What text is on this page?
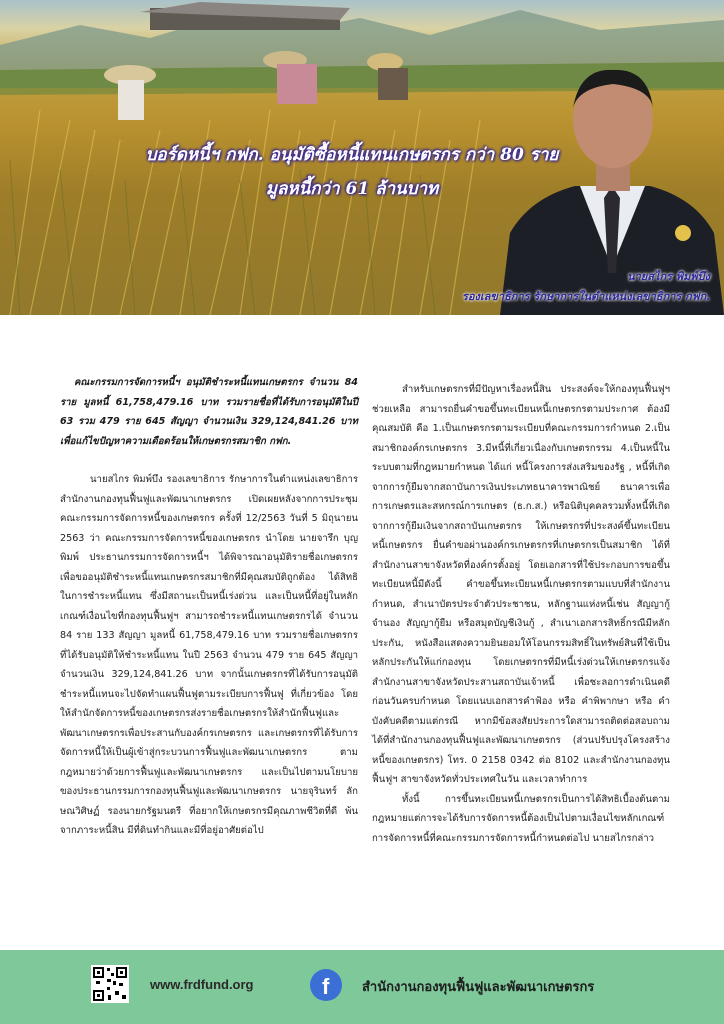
บอร์ดหนี้ฯ กฟก. อนุมัติซื้อหนี้แทนเกษตรกร กว่า 80 ราย
มูลหนี้กว่า 61 ล้านบาท
นายสไกร พิมพ์บึง
รองเลขาธิการ รักษาการในตำแหน่งเลขาธิการ กฟก.

คณะกรรมการจัดการหนี้ฯ อนุมัติชำระหนี้แทนเกษตรกร จำนวน 84 ราย มูลหนี้ 61,758,479.16 บาท รวมรายชื่อที่ได้รับการอนุมัติในปี 63 รวม 479 ราย 645 สัญญา จำนวนเงิน 329,124,841.26 บาท เพื่อแก้ไขปัญหาความเดือดร้อนให้เกษตรกรสมาชิก กฟก.

นายสไกร พิมพ์บึง รองเลขาธิการ รักษาการในตำแหน่งเลขาธิการ สำนักงานกองทุนฟื้นฟูและพัฒนาเกษตรกร เปิดเผยหลังจากการประชุมคณะกรรมการจัดการหนี้ของเกษตรกร ครั้งที่ 12/2563 วันที่ 5 มิถุนายน 2563 ว่า คณะกรรมการจัดการหนี้ของเกษตรกร นำโดย นายจารึก บุญพิมพ์ ประธานกรรมการจัดการหนี้ฯ ได้พิจารณาอนุมัติรายชื่อเกษตรกรเพื่อขออนุมัติชำระหนี้แทนเกษตรกรสมาชิกที่มีคุณสมบัติถูกต้อง ได้สิทธิในการชำระหนี้แทน ซึ่งมีสถานะเป็นหนี้เร่งด่วน และเป็นหนี้ที่อยู่ในหลักเกณฑ์เงื่อนไขที่กองทุนฟื้นฟูฯ สามารถชำระหนี้แทนเกษตรกรได้ จำนวน 84 ราย 133 สัญญา มูลหนี้ 61,758,479.16 บาท รวมรายชื่อเกษตรกรที่ได้รับอนุมัติให้ชำระหนี้แทน ในปี 2563 จำนวน 479 ราย 645 สัญญา จำนวนเงิน 329,124,841.26 บาท จากนั้นเกษตรกรที่ได้รับการอนุมัติชำระหนี้แทนจะไปจัดทำแผนฟื้นฟูตามระเบียบการฟื้นฟู ที่เกี่ยวข้อง โดยให้สำนักจัดการหนี้ของเกษตรกรส่งรายชื่อเกษตรกรให้สำนักฟื้นฟูและพัฒนาเกษตรกรเพื่อประสานกับองค์กรเกษตรกร และเกษตรกรที่ได้รับการจัดการหนี้ให้เป็นผู้เข้าสู่กระบวนการฟื้นฟูและพัฒนาเกษตรกร ตามกฎหมายว่าด้วยการฟื้นฟูและพัฒนาเกษตรกร และเป็นไปตามนโยบายของประธานกรรมการกองทุนฟื้นฟูและพัฒนาเกษตรกร นายจุรินทร์ ลักษณวิศิษฏ์ รองนายกรัฐมนตรี ที่อยากให้เกษตรกรมีคุณภาพชีวิตที่ดี พ้นจากภาระหนี้สิน มีที่ดินทำกินและมีที่อยู่อาศัยต่อไป

สำหรับเกษตรกรที่มีปัญหาเรื่องหนี้สิน ประสงค์จะให้กองทุนฟื้นฟูฯ ช่วยเหลือ สามารถยื่นคำขอขึ้นทะเบียนหนี้เกษตรกรตามประกาศ ต้องมีคุณสมบัติ คือ 1.เป็นเกษตรกรตามระเบียบที่คณะกรรมการกำหนด 2.เป็นสมาชิกองค์กรเกษตรกร 3.มีหนี้ที่เกี่ยวเนื่องกับเกษตรกรรม 4.เป็นหนี้ในระบบตามที่กฎหมายกำหนด ได้แก่ หนี้โครงการส่งเสริมของรัฐ , หนี้ที่เกิดจากการกู้ยืมจากสถาบันการเงินประเภทธนาคารพาณิชย์ ธนาคารเพื่อการเกษตรและสหกรณ์การเกษตร (ธ.ก.ส.) หรือนิติบุคคลรวมทั้งหนี้ที่เกิดจากการกู้ยืมเงินจากสถาบันเกษตรกร ให้เกษตรกรที่ประสงค์ขึ้นทะเบียนหนี้เกษตรกร ยื่นคำขอผ่านองค์กรเกษตรกรที่เกษตรกรเป็นสมาชิก ได้ที่สำนักงานสาขาจังหวัดที่องค์กรตั้งอยู่ โดยเอกสารที่ใช้ประกอบการขอขึ้นทะเบียนหนี้มีดังนี้ คำขอขึ้นทะเบียนหนี้เกษตรกรตามแบบที่สำนักงานกำหนด, สำเนาบัตรประจำตัวประชาชน, หลักฐานแห่งหนี้เช่น สัญญากู้จำนอง สัญญากู้ยืม หรือสมุดบัญชีเงินกู้ , สำเนาเอกสารสิทธิ์กรณีมีหลักประกัน, หนังสือแสดงความยินยอมให้โอนกรรมสิทธิ์ในทรัพย์สินที่ใช้เป็นหลักประกันให้แก่กองทุน โดยเกษตรกรที่มีหนี้เร่งด่วนให้เกษตรกรแจ้งสำนักงานสาขาจังหวัดประสานสถาบันเจ้าหนี้ เพื่อชะลอการดำเนินคดีก่อนวันครบกำหนด โดยแนบเอกสารคำฟ้อง หรือ คำพิพากษา หรือ คำบังคับคดีตามแต่กรณี หากมีข้อสงสัยประการใดสามารถติดต่อสอบถามได้ที่สำนักงานกองทุนฟื้นฟูและพัฒนาเกษตรกร (ส่วนปรับปรุงโครงสร้างหนี้ของเกษตรกร) โทร. 0 2158 0342 ต่อ 8102 และสำนักงานกองทุนฟื้นฟูฯ สาขาจังหวัดทั่วประเทศในวัน และเวลาทำการ

ทั้งนี้ การขึ้นทะเบียนหนี้เกษตรกรเป็นการได้สิทธิเบื้องต้นตามกฎหมายแต่การจะได้รับการจัดการหนี้ต้องเป็นไปตามเงื่อนไขหลักเกณฑ์การจัดการหนี้ที่คณะกรรมการจัดการหนี้กำหนดต่อไป นายสไกรกล่าว

www.frdfund.org	f	สำนักงานกองทุนฟื้นฟูและพัฒนาเกษตรกร
